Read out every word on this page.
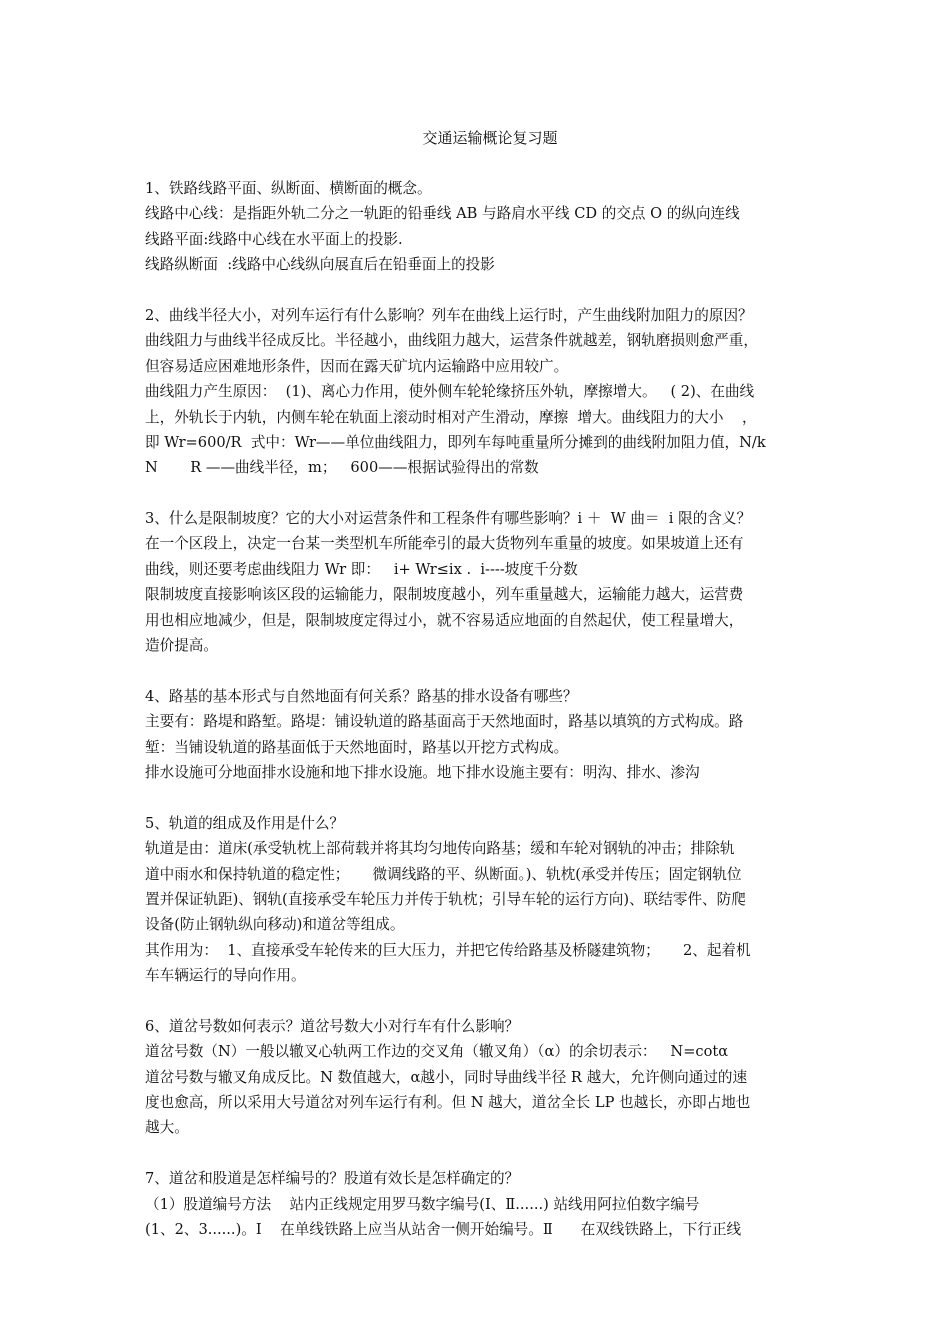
交通运输概论复习题
1、铁路线路平面、纵断面、横断面的概念。
线路中心线：是指距外轨二分之一轨距的铅垂线 AB 与路肩水平线 CD 的交点 O 的纵向连线
线路平面:线路中心线在水平面上的投影.
线路纵断面  :线路中心线纵向展直后在铅垂面上的投影
2、曲线半径大小，对列车运行有什么影响？列车在曲线上运行时，产生曲线附加阻力的原因？
曲线阻力与曲线半径成反比。半径越小，曲线阻力越大，运营条件就越差，钢轨磨损则愈严重，
但容易适应困难地形条件，因而在露天矿坑内运输路中应用较广。
曲线阻力产生原因：  (1)、离心力作用，使外侧车轮轮缘挤压外轨，摩擦增大。   ( 2)、在曲线
上，外轨长于内轨，内侧车轮在轨面上滚动时相对产生滑动，摩擦  增大。曲线阻力的大小    ，
即 Wr=600/R  式中：Wr——单位曲线阻力，即列车每吨重量所分摊到的曲线附加阻力值，N/k
N       R ——曲线半径，m；   600——根据试验得出的常数
3、什么是限制坡度？它的大小对运营条件和工程条件有哪些影响？i ＋  W 曲＝  i 限的含义？
在一个区段上，决定一台某一类型机车所能牵引的最大货物列车重量的坡度。如果坡道上还有
曲线，则还要考虑曲线阻力 Wr 即：   i+ Wr≤ix .  i----坡度千分数
限制坡度直接影响该区段的运输能力，限制坡度越小，列车重量越大，运输能力越大，运营费
用也相应地减少，但是，限制坡度定得过小，就不容易适应地面的自然起伏，使工程量增大，
造价提高。
4、路基的基本形式与自然地面有何关系？路基的排水设备有哪些？
主要有：路堤和路堑。路堤：铺设轨道的路基面高于天然地面时，路基以填筑的方式构成。路
堑：当铺设轨道的路基面低于天然地面时，路基以开挖方式构成。
排水设施可分地面排水设施和地下排水设施。地下排水设施主要有：明沟、排水、渗沟
5、轨道的组成及作用是什么？
轨道是由：道床(承受轨枕上部荷载并将其均匀地传向路基；缓和车轮对钢轨的冲击；排除轨
道中雨水和保持轨道的稳定性；     微调线路的平、纵断面。)、轨枕(承受并传压；固定钢轨位
置并保证轨距)、钢轨(直接承受车轮压力并传于轨枕；引导车轮的运行方向)、联结零件、防爬
设备(防止钢轨纵向移动)和道岔等组成。
其作用为：  1、直接承受车轮传来的巨大压力，并把它传给路基及桥隧建筑物；     2、起着机
车车辆运行的导向作用。
6、道岔号数如何表示？道岔号数大小对行车有什么影响？
道岔号数（N）一般以辙叉心轨两工作边的交叉角（辙叉角）（α）的余切表示：   N=cotα
道岔号数与辙叉角成反比。N 数值越大，α越小，同时导曲线半径 R 越大，允许侧向通过的速
度也愈高，所以采用大号道岔对列车运行有利。但 N 越大，道岔全长 LP 也越长，亦即占地也
越大。
7、道岔和股道是怎样编号的？股道有效长是怎样确定的？
（1）股道编号方法    站内正线规定用罗马数字编号(Ⅰ、Ⅱ......) 站线用阿拉伯数字编号
(1、2、3......)。Ⅰ    在单线铁路上应当从站舍一侧开始编号。Ⅱ      在双线铁路上，下行正线
